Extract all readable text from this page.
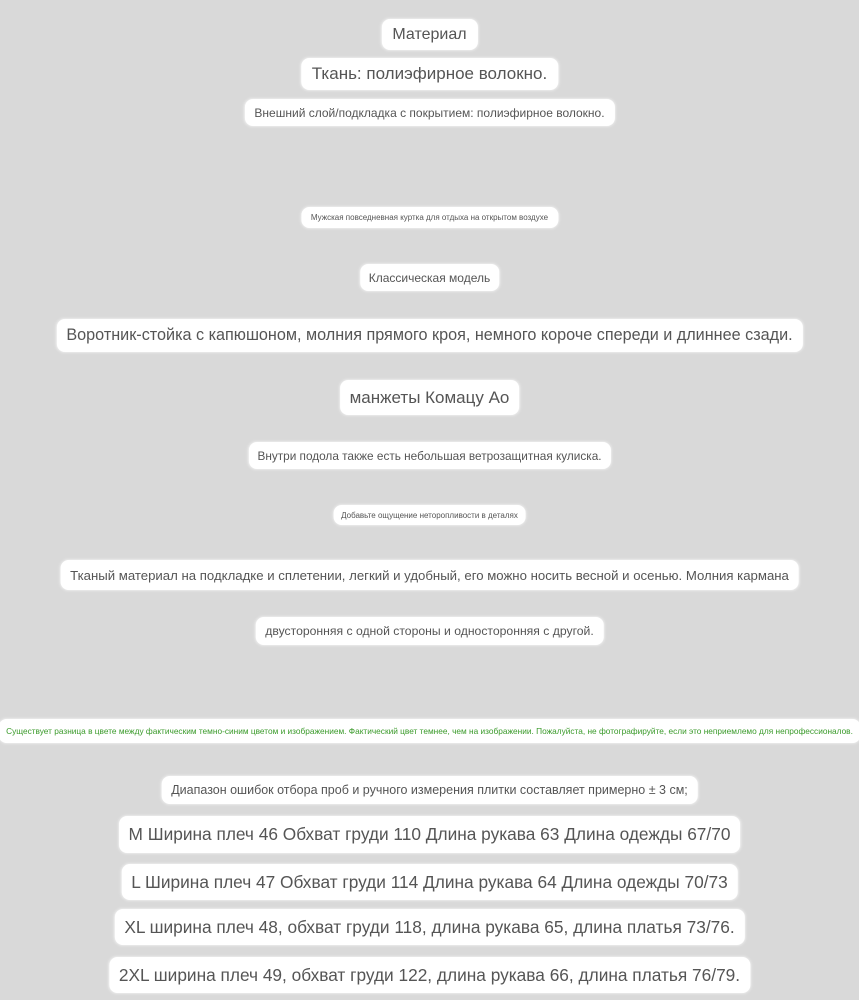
Материал
Ткань: полиэфирное волокно.
Внешний слой/подкладка с покрытием: полиэфирное волокно.
Мужская повседневная куртка для отдыха на открытом воздухе
Классическая модель
Воротник-стойка с капюшоном, молния прямого кроя, немного короче спереди и длиннее сзади.
манжеты Комацу Ао
Внутри подола также есть небольшая ветрозащитная кулиска.
Добавьте ощущение неторопливости в деталях
Тканый материал на подкладке и сплетении, легкий и удобный, его можно носить весной и осенью. Молния кармана
двусторонняя с одной стороны и односторонняя с другой.
Существует разница в цвете между фактическим темно-синим цветом и изображением. Фактический цвет темнее, чем на изображении. Пожалуйста, не фотографируйте, если это неприемлемо для непрофессионалов.
Диапазон ошибок отбора проб и ручного измерения плитки составляет примерно ± 3 см;
M Ширина плеч 46 Обхват груди 110 Длина рукава 63 Длина одежды 67/70
L Ширина плеч 47 Обхват груди 114 Длина рукава 64 Длина одежды 70/73
XL ширина плеч 48, обхват груди 118, длина рукава 65, длина платья 73/76.
2XL ширина плеч 49, обхват груди 122, длина рукава 66, длина платья 76/79.
